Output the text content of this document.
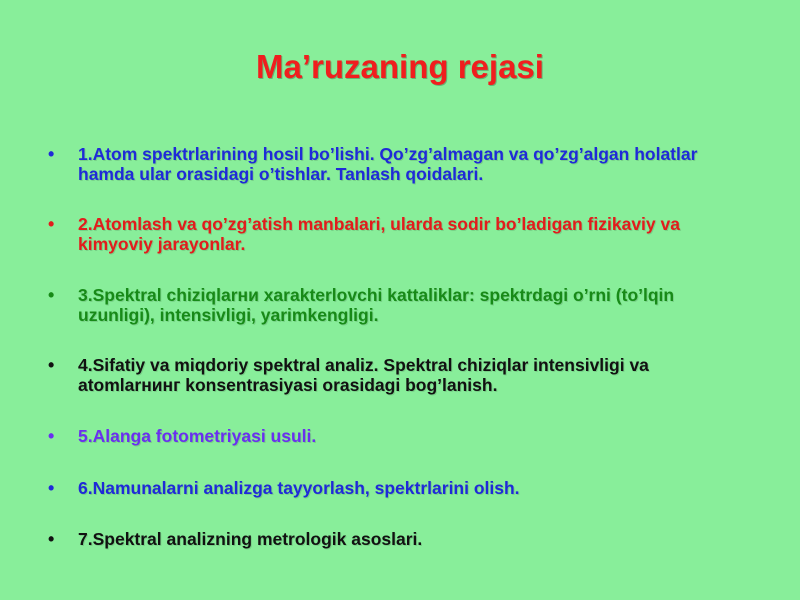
Ma’ruzaning rejasi
•	1.Atom spektrlarining hosil bo’lishi. Qo’zg’almagan va qo’zg’algan holatlar hamda ular orasidagi o’tishlar. Tanlash qoidalari.
•	2.Atomlash va qo’zg’atish manbalari, ularda sodir bo’ladigan fizikaviy va kimyoviy jarayonlar.
•	3.Spektral chiziqlarни xarakterlovchi kattaliklar: spektrdagi o’rni (to’lqin uzunligi), intensivligi, yarimkengligi.
•	4.Sifatiy va miqdoriy spektral analiz. Spektral chiziqlar intensivligi va atomlarнинг konsentrasiyasi orasidagi bog’lanish.
•	5.Alanga fotometriyasi usuli.
•	6.Namunalarni analizga tayyorlash, spektrlarini olish.
•	7.Spektral analizning metrologik asoslari.
